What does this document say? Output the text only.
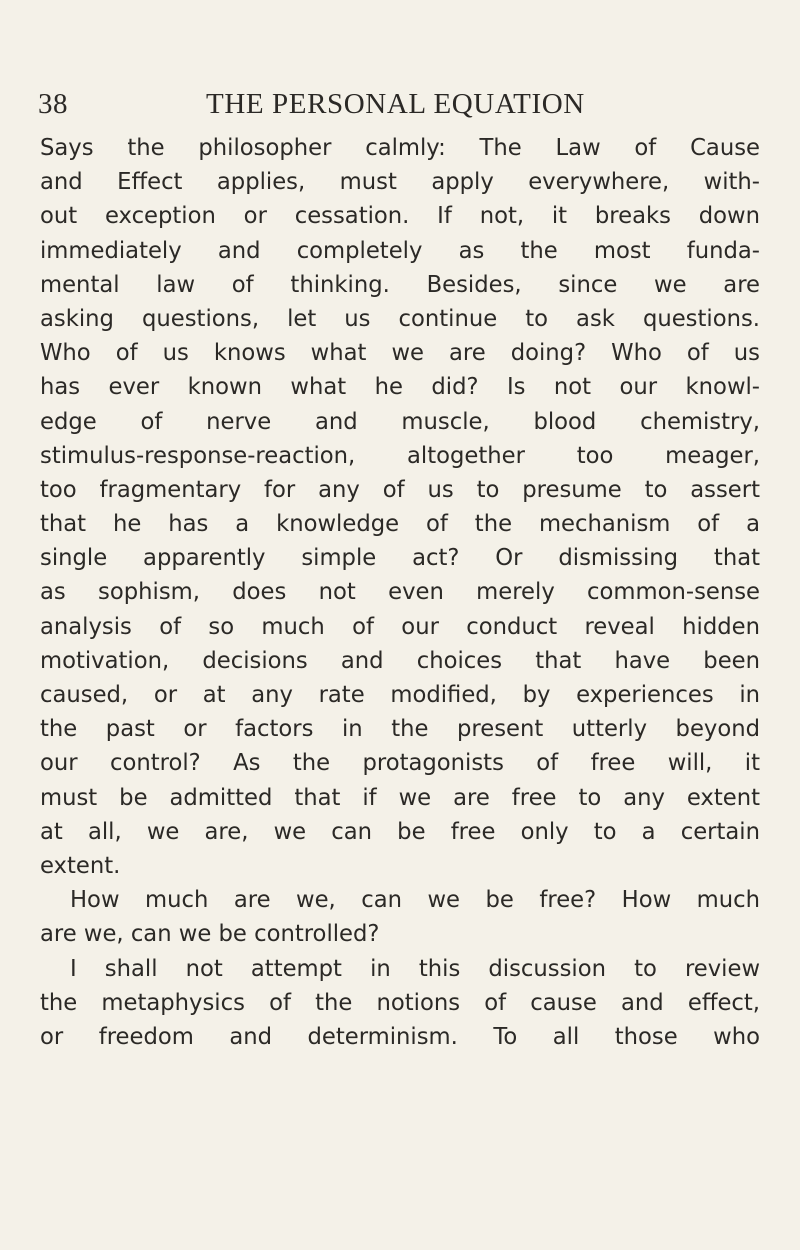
38	THE PERSONAL EQUATION
Says the philosopher calmly: The Law of Cause
and Effect applies, must apply everywhere, with-
out exception or cessation. If not, it breaks down
immediately and completely as the most funda-
mental law of thinking. Besides, since we are
asking questions, let us continue to ask questions.
Who of us knows what we are doing? Who of us
has ever known what he did? Is not our knowl-
edge of nerve and muscle, blood chemistry,
stimulus-response-reaction, altogether too meager,
too fragmentary for any of us to presume to assert
that he has a knowledge of the mechanism of a
single apparently simple act? Or dismissing that
as sophism, does not even merely common-sense
analysis of so much of our conduct reveal hidden
motivation, decisions and choices that have been
caused, or at any rate modified, by experiences in
the past or factors in the present utterly beyond
our control? As the protagonists of free will, it
must be admitted that if we are free to any extent
at all, we are, we can be free only to a certain
extent.
How much are we, can we be free? How much
are we, can we be controlled?
I shall not attempt in this discussion to review
the metaphysics of the notions of cause and effect,
or freedom and determinism. To all those who
